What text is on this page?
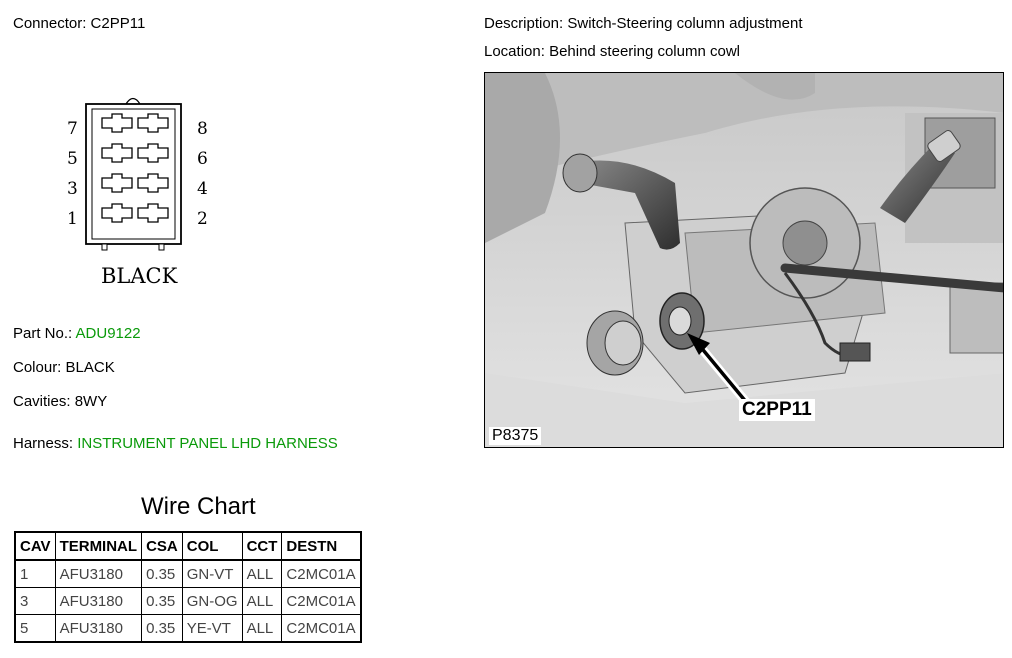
Connector: C2PP11	Description: Switch-Steering column adjustment
Location: Behind steering column cowl
7
5
3
1
8
6
4
2
BLACK
Part No.: ADU9122
Colour: BLACK
Cavities: 8WY
Harness: INSTRUMENT PANEL LHD HARNESS
C2PP11
P8375
Wire Chart
CAV	TERMINAL	CSA	COL	CCT	DESTN
1	AFU3180	0.35	GN-VT	ALL	C2MC01A
3	AFU3180	0.35	GN-OG	ALL	C2MC01A
5	AFU3180	0.35	YE-VT	ALL	C2MC01A
